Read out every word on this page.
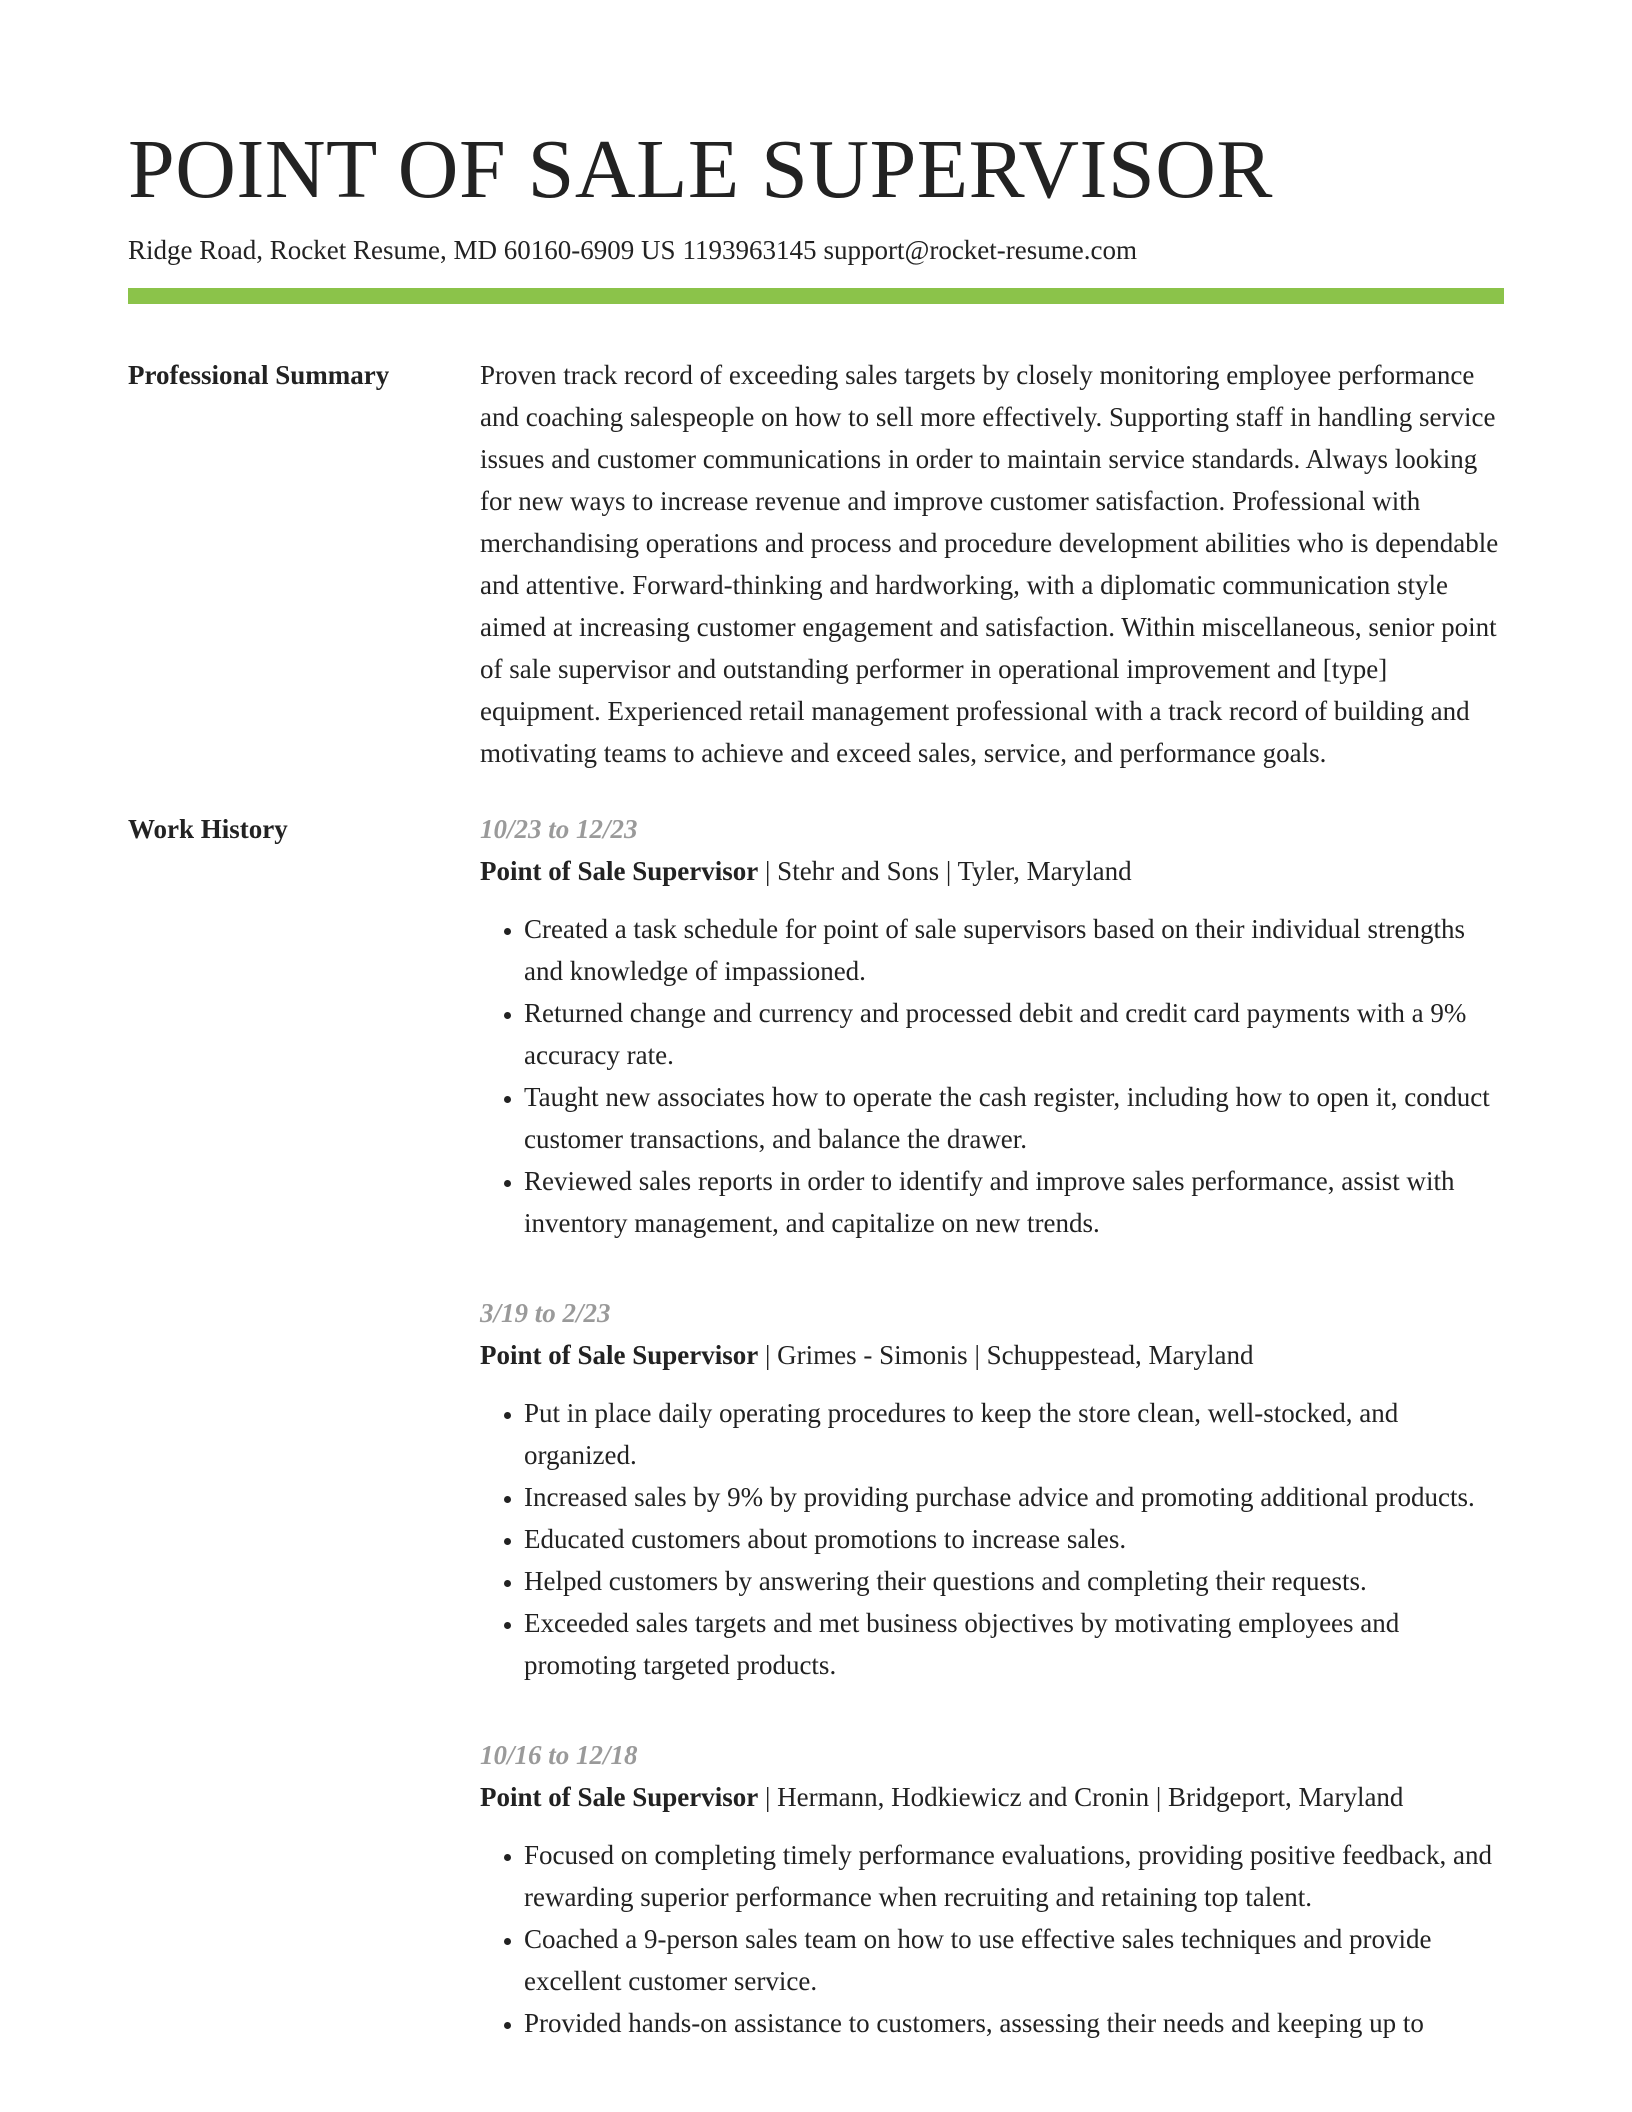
POINT OF SALE SUPERVISOR
Ridge Road, Rocket Resume, MD 60160-6909 US 1193963145 support@rocket-resume.com
Professional Summary	Proven track record of exceeding sales targets by closely monitoring employee performance and coaching salespeople on how to sell more effectively. Supporting staff in handling service issues and customer communications in order to maintain service standards. Always looking for new ways to increase revenue and improve customer satisfaction. Professional with merchandising operations and process and procedure development abilities who is dependable and attentive. Forward-thinking and hardworking, with a diplomatic communication style aimed at increasing customer engagement and satisfaction. Within miscellaneous, senior point of sale supervisor and outstanding performer in operational improvement and [type] equipment. Experienced retail management professional with a track record of building and motivating teams to achieve and exceed sales, service, and performance goals.

Work History	10/23 to 12/23
Point of Sale Supervisor | Stehr and Sons | Tyler, Maryland
• Created a task schedule for point of sale supervisors based on their individual strengths and knowledge of impassioned.
• Returned change and currency and processed debit and credit card payments with a 9% accuracy rate.
• Taught new associates how to operate the cash register, including how to open it, conduct customer transactions, and balance the drawer.
• Reviewed sales reports in order to identify and improve sales performance, assist with inventory management, and capitalize on new trends.
3/19 to 2/23
Point of Sale Supervisor | Grimes - Simonis | Schuppestead, Maryland
• Put in place daily operating procedures to keep the store clean, well-stocked, and organized.
• Increased sales by 9% by providing purchase advice and promoting additional products.
• Educated customers about promotions to increase sales.
• Helped customers by answering their questions and completing their requests.
• Exceeded sales targets and met business objectives by motivating employees and promoting targeted products.
10/16 to 12/18
Point of Sale Supervisor | Hermann, Hodkiewicz and Cronin | Bridgeport, Maryland
• Focused on completing timely performance evaluations, providing positive feedback, and rewarding superior performance when recruiting and retaining top talent.
• Coached a 9-person sales team on how to use effective sales techniques and provide excellent customer service.
• Provided hands-on assistance to customers, assessing their needs and keeping up to
